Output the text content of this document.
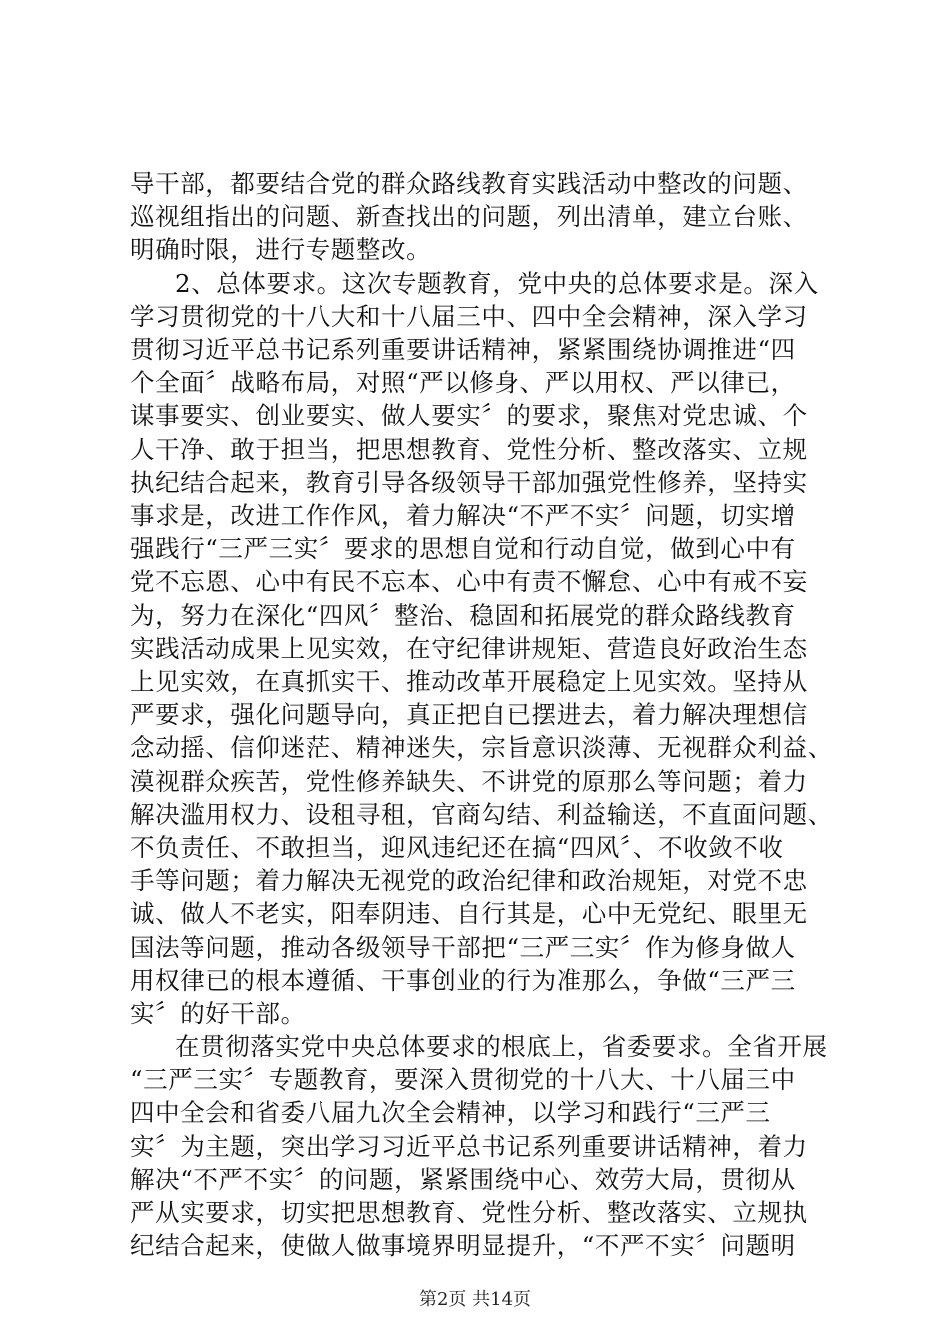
导干部，都要结合党的群众路线教育实践活动中整改的问题、
巡视组指出的问题、新查找出的问题，列出清单，建立台账、
明确时限，进行专题整改。
2、总体要求。这次专题教育，党中央的总体要求是。深入
学习贯彻党的十八大和十八届三中、四中全会精神，深入学习
贯彻习近平总书记系列重要讲话精神，紧紧围绕协调推进“四
个全面〞战略布局，对照“严以修身、严以用权、严以律已，
谋事要实、创业要实、做人要实〞的要求，聚焦对党忠诚、个
人干净、敢于担当，把思想教育、党性分析、整改落实、立规
执纪结合起来，教育引导各级领导干部加强党性修养，坚持实
事求是，改进工作作风，着力解决“不严不实〞问题，切实增
强践行“三严三实〞要求的思想自觉和行动自觉，做到心中有
党不忘恩、心中有民不忘本、心中有责不懈怠、心中有戒不妄
为，努力在深化“四风〞整治、稳固和拓展党的群众路线教育
实践活动成果上见实效，在守纪律讲规矩、营造良好政治生态
上见实效，在真抓实干、推动改革开展稳定上见实效。坚持从
严要求，强化问题导向，真正把自已摆进去，着力解决理想信
念动摇、信仰迷茫、精神迷失，宗旨意识淡薄、无视群众利益、
漠视群众疾苦，党性修养缺失、不讲党的原那么等问题；着力
解决滥用权力、设租寻租，官商勾结、利益输送，不直面问题、
不负责任、不敢担当，迎风违纪还在搞“四风〞、不收敛不收
手等问题；着力解决无视党的政治纪律和政治规矩，对党不忠
诚、做人不老实，阳奉阴违、自行其是，心中无党纪、眼里无
国法等问题，推动各级领导干部把“三严三实〞作为修身做人
用权律已的根本遵循、干事创业的行为准那么，争做“三严三
实〞的好干部。
在贯彻落实党中央总体要求的根底上，省委要求。全省开展
“三严三实〞专题教育，要深入贯彻党的十八大、十八届三中
四中全会和省委八届九次全会精神，以学习和践行“三严三
实〞为主题，突出学习习近平总书记系列重要讲话精神，着力
解决“不严不实〞的问题，紧紧围绕中心、效劳大局，贯彻从
严从实要求，切实把思想教育、党性分析、整改落实、立规执
纪结合起来，使做人做事境界明显提升，“不严不实〞问题明
第2页 共14页
